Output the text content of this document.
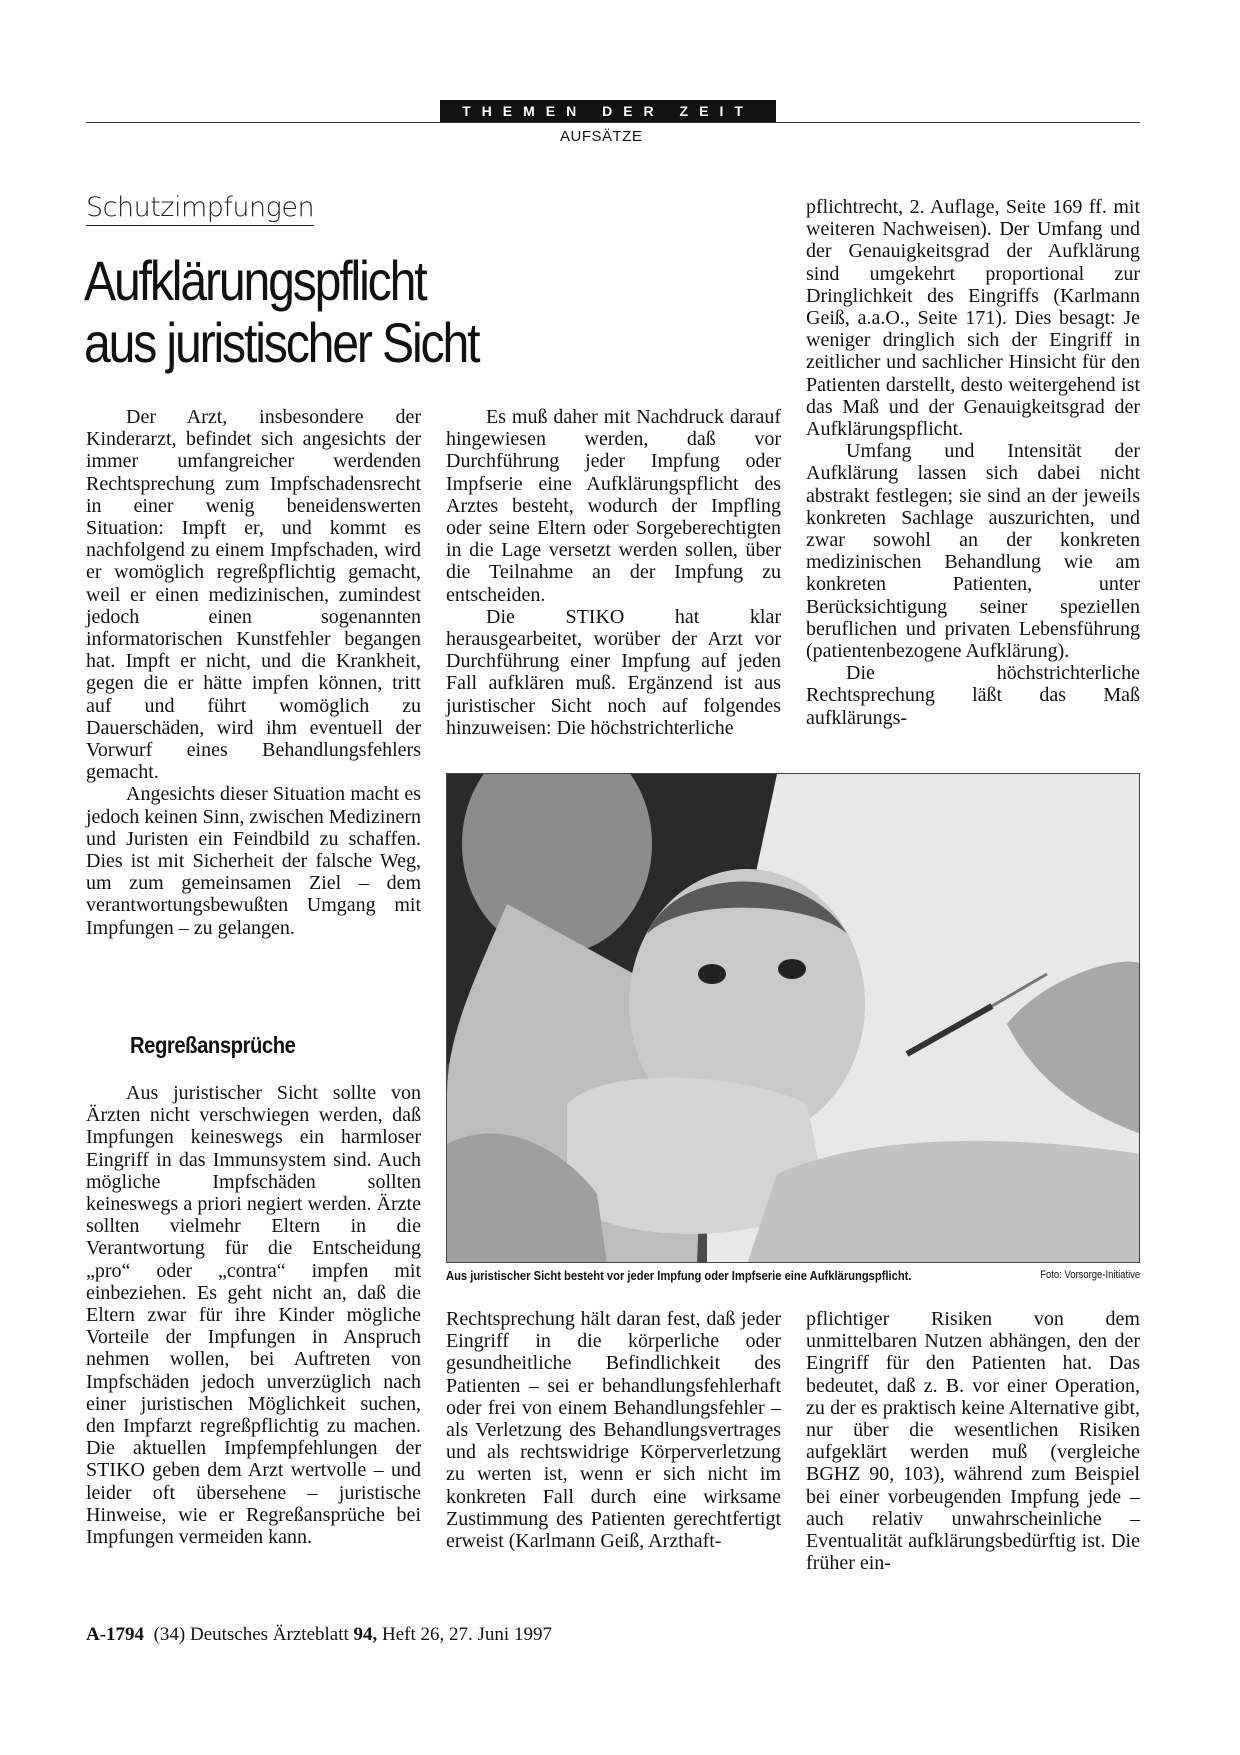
THEMEN DER ZEIT
AUFSÄTZE
Schutzimpfungen
Aufklärungspflicht
aus juristischer Sicht

Der Arzt, insbesondere der Kinderarzt, befindet sich angesichts der immer umfangreicher werdenden Rechtsprechung zum Impfschadensrecht in einer wenig beneidenswerten Situation: Impft er, und kommt es nachfolgend zu einem Impfschaden, wird er womöglich regreßpflichtig gemacht, weil er einen medizinischen, zumindest jedoch einen sogenannten informatorischen Kunstfehler begangen hat. Impft er nicht, und die Krankheit, gegen die er hätte impfen können, tritt auf und führt womöglich zu Dauerschäden, wird ihm eventuell der Vorwurf eines Behandlungsfehlers gemacht.

Angesichts dieser Situation macht es jedoch keinen Sinn, zwischen Medizinern und Juristen ein Feindbild zu schaffen. Dies ist mit Sicherheit der falsche Weg, um zum gemeinsamen Ziel – dem verantwortungsbewußten Umgang mit Impfungen – zu gelangen.

Regreßansprüche

Aus juristischer Sicht sollte von Ärzten nicht verschwiegen werden, daß Impfungen keineswegs ein harmloser Eingriff in das Immunsystem sind. Auch mögliche Impfschäden sollten keineswegs a priori negiert werden. Ärzte sollten vielmehr Eltern in die Verantwortung für die Entscheidung „pro“ oder „contra“ impfen mit einbeziehen. Es geht nicht an, daß die Eltern zwar für ihre Kinder mögliche Vorteile der Impfungen in Anspruch nehmen wollen, bei Auftreten von Impfschäden jedoch unverzüglich nach einer juristischen Möglichkeit suchen, den Impfarzt regreßpflichtig zu machen. Die aktuellen Impfempfehlungen der STIKO geben dem Arzt wertvolle – und leider oft übersehene – juristische Hinweise, wie er Regreßansprüche bei Impfungen vermeiden kann.

Es muß daher mit Nachdruck darauf hingewiesen werden, daß vor Durchführung jeder Impfung oder Impfserie eine Aufklärungspflicht des Arztes besteht, wodurch der Impfling oder seine Eltern oder Sorgeberechtigten in die Lage versetzt werden sollen, über die Teilnahme an der Impfung zu entscheiden.

Die STIKO hat klar herausgearbeitet, worüber der Arzt vor Durchführung einer Impfung auf jeden Fall aufklären muß. Ergänzend ist aus juristischer Sicht noch auf folgendes hinzuweisen: Die höchstrichterliche

pflichtrecht, 2. Auflage, Seite 169 ff. mit weiteren Nachweisen). Der Umfang und der Genauigkeitsgrad der Aufklärung sind umgekehrt proportional zur Dringlichkeit des Eingriffs (Karlmann Geiß, a.a.O., Seite 171). Dies besagt: Je weniger dringlich sich der Eingriff in zeitlicher und sachlicher Hinsicht für den Patienten darstellt, desto weitergehend ist das Maß und der Genauigkeitsgrad der Aufklärungspflicht.

Umfang und Intensität der Aufklärung lassen sich dabei nicht abstrakt festlegen; sie sind an der jeweils konkreten Sachlage auszurichten, und zwar sowohl an der konkreten medizinischen Behandlung wie am konkreten Patienten, unter Berücksichtigung seiner speziellen beruflichen und privaten Lebensführung (patientenbezogene Aufklärung).

Die höchstrichterliche Rechtsprechung läßt das Maß aufklärungs-

Aus juristischer Sicht besteht vor jeder Impfung oder Impfserie eine Aufklärungspflicht.	Foto: Vorsorge-Initiative

Rechtsprechung hält daran fest, daß jeder Eingriff in die körperliche oder gesundheitliche Befindlichkeit des Patienten – sei er behandlungsfehlerhaft oder frei von einem Behandlungsfehler – als Verletzung des Behandlungsvertrages und als rechtswidrige Körperverletzung zu werten ist, wenn er sich nicht im konkreten Fall durch eine wirksame Zustimmung des Patienten gerechtfertigt erweist (Karlmann Geiß, Arzthaft-

pflichtiger Risiken von dem unmittelbaren Nutzen abhängen, den der Eingriff für den Patienten hat. Das bedeutet, daß z. B. vor einer Operation, zu der es praktisch keine Alternative gibt, nur über die wesentlichen Risiken aufgeklärt werden muß (vergleiche BGHZ 90, 103), während zum Beispiel bei einer vorbeugenden Impfung jede – auch relativ unwahrscheinliche – Eventualität aufklärungsbedürftig ist. Die früher ein-

A-1794 (34) Deutsches Ärzteblatt 94, Heft 26, 27. Juni 1997
